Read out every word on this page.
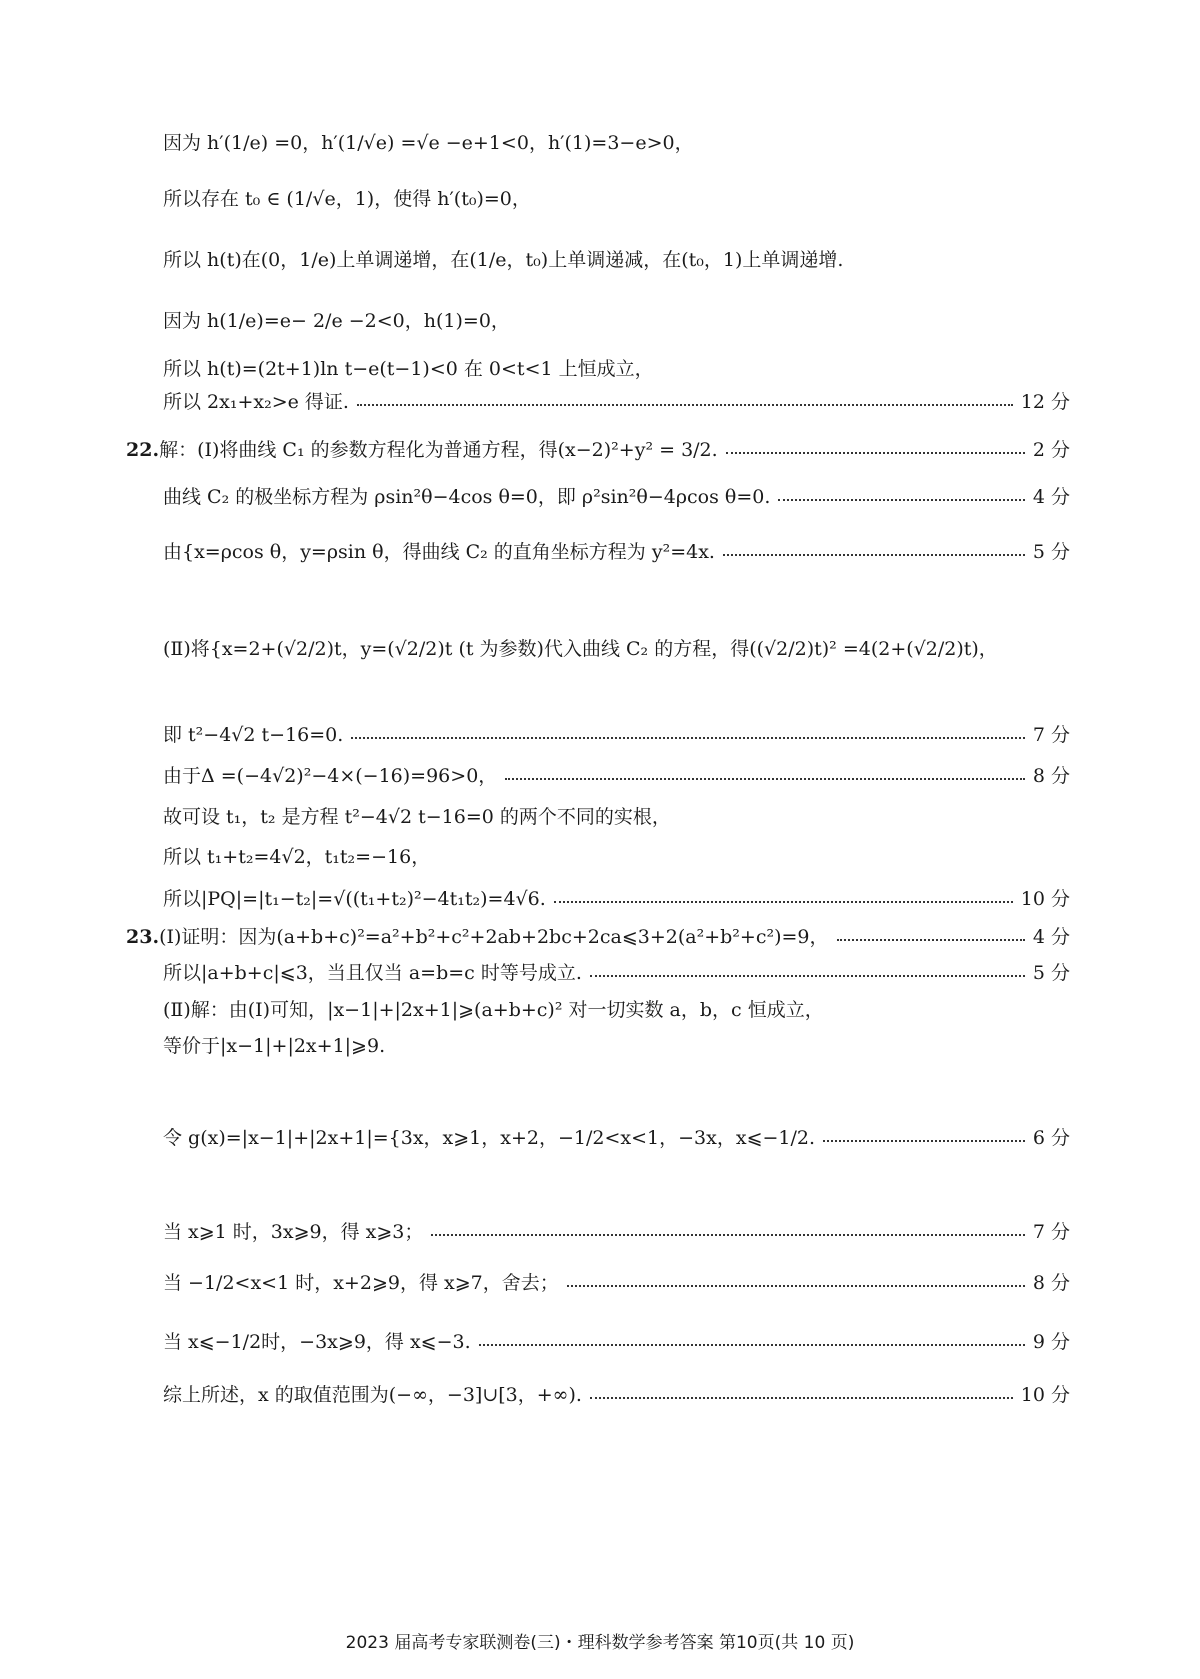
因为 h′(1/e) =0，h′(1/√e) =√e −e+1<0，h′(1)=3−e>0，
所以存在 t₀ ∈ (1/√e，1)，使得 h′(t₀)=0，
所以 h(t)在(0，1/e)上单调递增，在(1/e，t₀)上单调递减，在(t₀，1)上单调递增.
因为 h(1/e)=e− 2/e −2<0，h(1)=0，
所以 h(t)=(2t+1)ln t−e(t−1)<0 在 0<t<1 上恒成立，
所以 2x₁+x₂>e 得证.	12 分
22.解：(Ⅰ)将曲线 C₁ 的参数方程化为普通方程，得(x−2)²+y² = 3/2.	2 分
曲线 C₂ 的极坐标方程为 ρsin²θ−4cos θ=0，即 ρ²sin²θ−4ρcos θ=0.	4 分
由{x=ρcos θ，y=ρsin θ，得曲线 C₂ 的直角坐标方程为 y²=4x.	5 分
(Ⅱ)将{x=2+(√2/2)t，y=(√2/2)t (t 为参数)代入曲线 C₂ 的方程，得((√2/2)t)² =4(2+(√2/2)t)，
即 t²−4√2 t−16=0.	7 分
由于Δ =(−4√2)²−4×(−16)=96>0，	8 分
故可设 t₁，t₂ 是方程 t²−4√2 t−16=0 的两个不同的实根，
所以 t₁+t₂=4√2，t₁t₂=−16，
所以|PQ|=|t₁−t₂|=√((t₁+t₂)²−4t₁t₂)=4√6.	10 分
23.(Ⅰ)证明：因为(a+b+c)²=a²+b²+c²+2ab+2bc+2ca⩽3+2(a²+b²+c²)=9，	4 分
所以|a+b+c|⩽3，当且仅当 a=b=c 时等号成立.	5 分
(Ⅱ)解：由(Ⅰ)可知，|x−1|+|2x+1|⩾(a+b+c)² 对一切实数 a，b，c 恒成立，
等价于|x−1|+|2x+1|⩾9.
令 g(x)=|x−1|+|2x+1|={3x，x⩾1，x+2，−1/2<x<1，−3x，x⩽−1/2.	6 分
当 x⩾1 时，3x⩾9，得 x⩾3；	7 分
当 −1/2<x<1 时，x+2⩾9，得 x⩾7，舍去；	8 分
当 x⩽−1/2时，−3x⩾9，得 x⩽−3.	9 分
综上所述，x 的取值范围为(−∞，−3]∪[3，+∞).	10 分
2023 届高考专家联测卷(三)・理科数学参考答案 第10页(共 10 页)
